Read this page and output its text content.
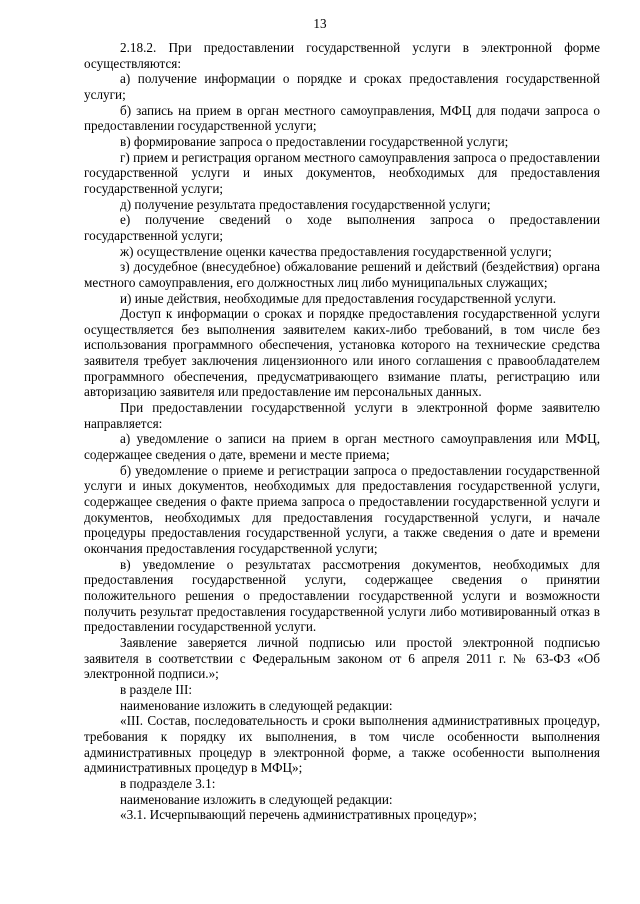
13

2.18.2. При предоставлении государственной услуги в электронной форме осуществляются:

а) получение информации о порядке и сроках предоставления государственной услуги;

б) запись на прием в орган местного самоуправления, МФЦ для подачи запроса о предоставлении государственной услуги;

в) формирование запроса о предоставлении государственной услуги;

г) прием и регистрация органом местного самоуправления запроса о предоставлении государственной услуги и иных документов, необходимых для предоставления государственной услуги;

д) получение результата предоставления государственной услуги;

е) получение сведений о ходе выполнения запроса о предоставлении государственной услуги;

ж) осуществление оценки качества предоставления государственной услуги;

з) досудебное (внесудебное) обжалование решений и действий (бездействия) органа местного самоуправления, его должностных лиц либо муниципальных служащих;

и) иные действия, необходимые для предоставления государственной услуги.

Доступ к информации о сроках и порядке предоставления государственной услуги осуществляется без выполнения заявителем каких-либо требований, в том числе без использования программного обеспечения, установка которого на технические средства заявителя требует заключения лицензионного или иного соглашения с правообладателем программного обеспечения, предусматривающего взимание платы, регистрацию или авторизацию заявителя или предоставление им персональных данных.

При предоставлении государственной услуги в электронной форме заявителю направляется:

а) уведомление о записи на прием в орган местного самоуправления или МФЦ, содержащее сведения о дате, времени и месте приема;

б) уведомление о приеме и регистрации запроса о предоставлении государственной услуги и иных документов, необходимых для предоставления государственной услуги, содержащее сведения о факте приема запроса о предоставлении государственной услуги и документов, необходимых для предоставления государственной услуги, и начале процедуры предоставления государственной услуги, а также сведения о дате и времени окончания предоставления государственной услуги;

в) уведомление о результатах рассмотрения документов, необходимых для предоставления государственной услуги, содержащее сведения о принятии положительного решения о предоставлении государственной услуги и возможности получить результат предоставления государственной услуги либо мотивированный отказ в предоставлении государственной услуги.

Заявление заверяется личной подписью или простой электронной подписью заявителя в соответствии с Федеральным законом от 6 апреля 2011 г. № 63-ФЗ «Об электронной подписи.»;

в разделе III:

наименование изложить в следующей редакции:

«III. Состав, последовательность и сроки выполнения административных процедур, требования к порядку их выполнения, в том числе особенности выполнения административных процедур в электронной форме, а также особенности выполнения административных процедур в МФЦ»;

в подразделе 3.1:

наименование изложить в следующей редакции:

«3.1. Исчерпывающий перечень административных процедур»;
